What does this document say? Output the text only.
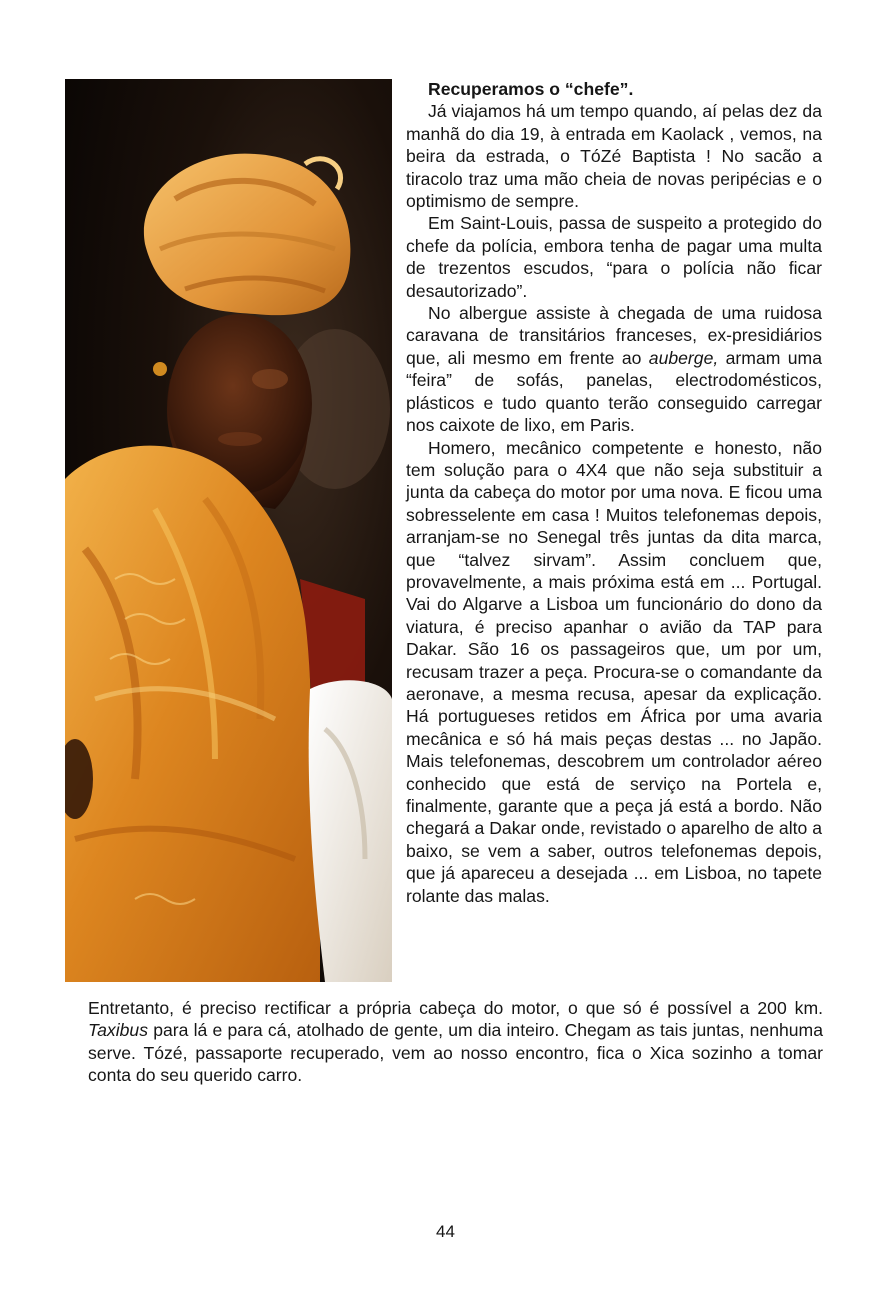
Recuperamos o “chefe”.

Já viajamos há um tempo quando, aí pelas dez da manhã do dia 19, à entrada em Kaolack , vemos, na beira da estrada, o TóZé Baptista ! No sacão a tiracolo traz uma mão cheia de novas peripécias e o optimismo de sempre.

Em Saint-Louis, passa de suspeito a protegido do chefe da polícia, embora tenha de pagar uma multa de trezentos escudos, “para o polícia não ficar desautorizado”.

No albergue assiste à chegada de uma ruidosa caravana de transitários franceses, ex-presidiários que, ali mesmo em frente ao auberge, armam uma “feira” de sofás, panelas, electrodomésticos, plásticos e tudo quanto terão conseguido carregar nos caixote de lixo, em Paris.

Homero, mecânico competente e honesto, não tem solução para o 4X4 que não seja substituir a junta da cabeça do motor por uma nova. E ficou uma sobresselente em casa ! Muitos telefonemas depois, arranjam-se no Senegal três juntas da dita marca, que “talvez sirvam”. Assim concluem que, provavelmente, a mais próxima está em ... Portugal. Vai do Algarve a Lisboa um funcionário do dono da viatura, é preciso apanhar o avião da TAP para Dakar. São 16 os passageiros que, um por um, recusam trazer a peça. Procura-se o comandante da aeronave, a mesma recusa, apesar da explicação. Há portugueses retidos em África por uma avaria mecânica e só há mais peças destas ... no Japão. Mais telefonemas, descobrem um controlador aéreo conhecido que está de serviço na Portela e, finalmente, garante que a peça já está a bordo. Não chegará a Dakar onde, revistado o aparelho de alto a baixo, se vem a saber, outros telefonemas depois, que já apareceu a desejada ... em Lisboa, no tapete rolante das malas.

Entretanto, é preciso rectificar a própria cabeça do motor, o que só é possível a 200 km. Taxibus para lá e para cá, atolhado de gente, um dia inteiro. Chegam as tais juntas, nenhuma serve. Tózé, passaporte recuperado, vem ao nosso encontro, fica o Xica sozinho a tomar conta do seu querido carro.

44
